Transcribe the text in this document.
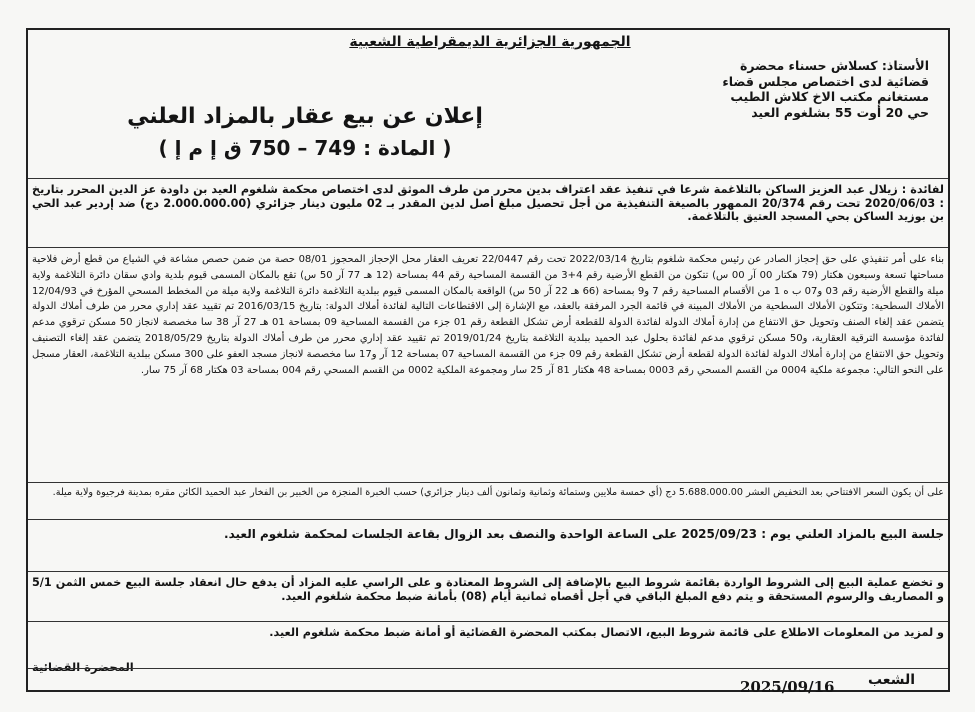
الجمهورية الجزائرية الديمقراطية الشعبية
الأستاذ: كسلاش حسناء محضرة
قضائية لدى اختصاص مجلس قضاء
مستغانم مكتب الاخ كلاش الطيب
حي 20 أوت 55 بشلغوم العيد
إعلان عن بيع عقار بالمزاد العلني
( المادة : 749 – 750 ق إ م إ )
لفائدة : زيلال عبد العزيز الساكن بالتلاغمة شرعا في تنفيذ عقد اعتراف بدين محرر من طرف الموثق لدى اختصاص محكمة شلغوم العيد بن داودة عز الدين المحرر بتاريخ : 2020/06/03 تحت رقم 20/374 الممهور بالصيغة التنفيذية من أجل تحصيل مبلغ أصل لدين المقدر بـ 02 مليون دينار جزائري (2.000.000.00 دج) ضد إردير عبد الحي بن بوزيد الساكن بحي المسجد العتيق بالتلاغمة.
بناء على أمر تنفيذي على حق إحجاز الصادر عن رئيس محكمة شلغوم بتاريخ 2022/03/14 تحت رقم 22/0447 تعريف العقار محل الإحجاز المحجوز 08/01 حصة من ضمن حصص مشاعة في الشياع من قطع أرض فلاحية مساحتها تسعة وسبعون هكتار (79 هكتار 00 آر 00 س) تتكون من القطع الأرضية رقم 4+3 من القسمة المساحية رقم 44 بمساحة (12 هـ 77 آر 50 س) تقع بالمكان المسمى قيوم بلدية وادي سقان دائرة التلاغمة ولاية ميلة والقطع الأرضية رقم 03 و07 ب ه 1 من الأقسام المساحية رقم 7 و9 بمساحة (66 هـ 22 آر 50 س) الواقعة بالمكان المسمى قيوم ببلدية التلاغمة دائرة التلاغمة ولاية ميلة من المخطط المسحي المؤرخ في 12/04/93 الأملاك السطحية: وتتكون الأملاك السطحية من الأملاك المبينة في قائمة الجرد المرفقة بالعقد، مع الإشارة إلى الاقتطاعات التالية لفائدة أملاك الدولة: بتاريخ 2016/03/15 تم تقييد عقد إداري محرر من طرف أملاك الدولة يتضمن عقد إلغاء الصنف وتحويل حق الانتفاع من إدارة أملاك الدولة لفائدة الدولة للقطعة أرض تشكل القطعة رقم 01 جزء من القسمة المساحية 09 بمساحة 01 هـ 27 آر 38 سا مخصصة لانجاز 50 مسكن ترقوي مدعم لفائدة مؤسسة الترقية العقارية، و50 مسكن ترقوي مدعم لفائدة بحلول عبد الحميد ببلدية التلاغمة بتاريخ 2019/01/24 تم تقييد عقد إداري محرر من طرف أملاك الدولة بتاريخ 2018/05/29 يتضمن عقد إلغاء التصنيف وتحويل حق الانتفاع من إدارة أملاك الدولة لفائدة الدولة لقطعة أرض تشكل القطعة رقم 09 جزء من القسمة المساحية 07 بمساحة 12 آر و17 سا مخصصة لانجاز مسجد العفو على 300 مسكن ببلدية التلاغمة، العقار مسجل على النحو التالي: مجموعة ملكية 0004 من القسم المسحي رقم 0003 بمساحة 48 هكتار 81 آر 25 سار ومجموعة الملكية 0002 من القسم المسحي رقم 004 بمساحة 03 هكتار 68 آر 75 سار.
على أن يكون السعر الافتتاحي بعد التخفيض العشر 5.688.000.00 دج (أي خمسة ملايين وستمائة وثمانية وثمانون ألف دينار جزائري) حسب الخبرة المنجزة من الخبير بن الفخار عبد الحميد الكائن مقره بمدينة فرجيوة ولاية ميلة.
جلسة البيع بالمزاد العلني يوم : 2025/09/23 على الساعة الواحدة والنصف بعد الزوال بقاعة الجلسات لمحكمة شلغوم العيد.
و تخضع عملية البيع إلى الشروط الواردة بقائمة شروط البيع بالإضافة إلى الشروط المعتادة و على الراسي عليه المزاد أن يدفع حال انعقاد جلسة البيع خمس الثمن 5/1 و المصاريف والرسوم المستحقة و يتم دفع المبلغ الباقي في أجل أقصاه ثمانية أيام (08) بأمانة ضبط محكمة شلغوم العيد.
و لمزيد من المعلومات الاطلاع على قائمة شروط البيع، الاتصال بمكتب المحضرة القضائية أو أمانة ضبط محكمة شلغوم العيد.
المحضرة القضائية
2025/09/16 الشعب
